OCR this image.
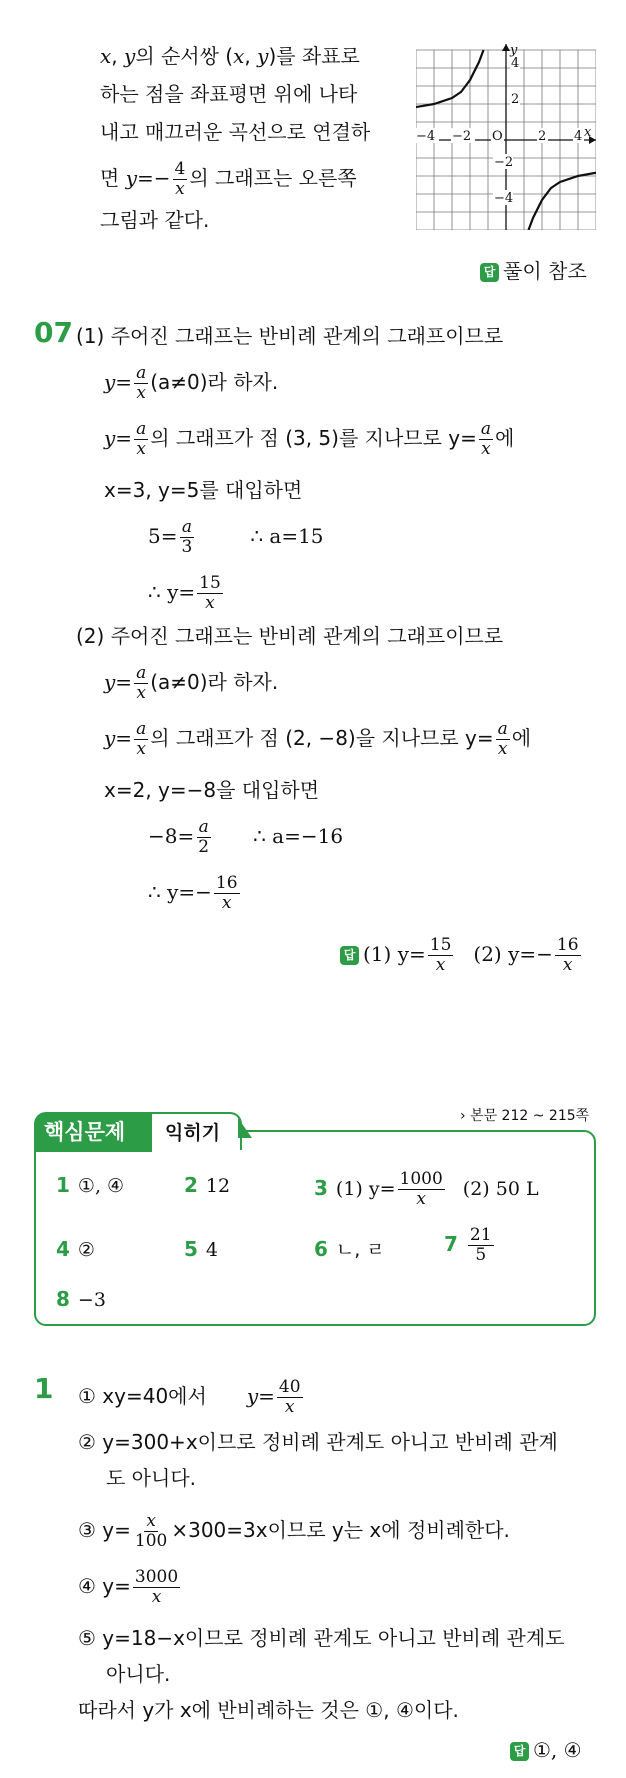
x, y의 순서쌍 (x, y)를 좌표로
하는 점을 좌표평면 위에 나타
내고 매끄러운 곡선으로 연결하
면 $y=- \frac{4}{x}$ 의 그래프는 오른쪽
그림과 같다.
4
2
−2
−4
−4 −2 O	2 4 x
y
답 풀이 참조
07 (1) 주어진 그래프는 반비례 관계의 그래프이므로
$y= \frac{a}{x} (a\ne 0)$라 하자.
$y= \frac{a}{x}$ 의 그래프가 점 (3, 5)를 지나므로 $y= \frac{a}{x}$ 에
x=3, y=5를 대입하면
$5= \frac{a}{3}$	∴ a=15
∴ $y= \frac{15}{x}$
(2) 주어진 그래프는 반비례 관계의 그래프이므로
$y= \frac{a}{x} (a\ne 0)$라 하자.
$y= \frac{a}{x}$ 의 그래프가 점 (2, −8)을 지나므로 $y= \frac{a}{x}$ 에
x=2, y=−8을 대입하면
$-8= \frac{a}{2}$ ∴ a=−16
∴ $y=- \frac{16}{x}$
답 (1) $y= \frac{15}{x} (2)$ $y=- \frac{16}{x}$
핵심문제 익히기
› 본문 212 ~ 215쪽
1 ①, ④	2 12	3 (1) $y= \frac{1000}{x} (2)$ 50 L
4 ②	5 4	6 ㄴ, ㄹ	$7 \frac{21}{5}$
8 −3
1 ① xy=40에서 $y= \frac{40}{x}$
② y=300+x이므로 정비례 관계도 아니고 반비례 관계
도 아니다.
③ $y= \frac{x}{100} \times 300=3x$이므로 y는 x에 정비례한다.
④ $y= \frac{3000}{x}$
⑤ y=18−x이므로 정비례 관계도 아니고 반비례 관계도
아니다.
따라서 y가 x에 반비례하는 것은 ①, ④이다.
답 ①, ④
